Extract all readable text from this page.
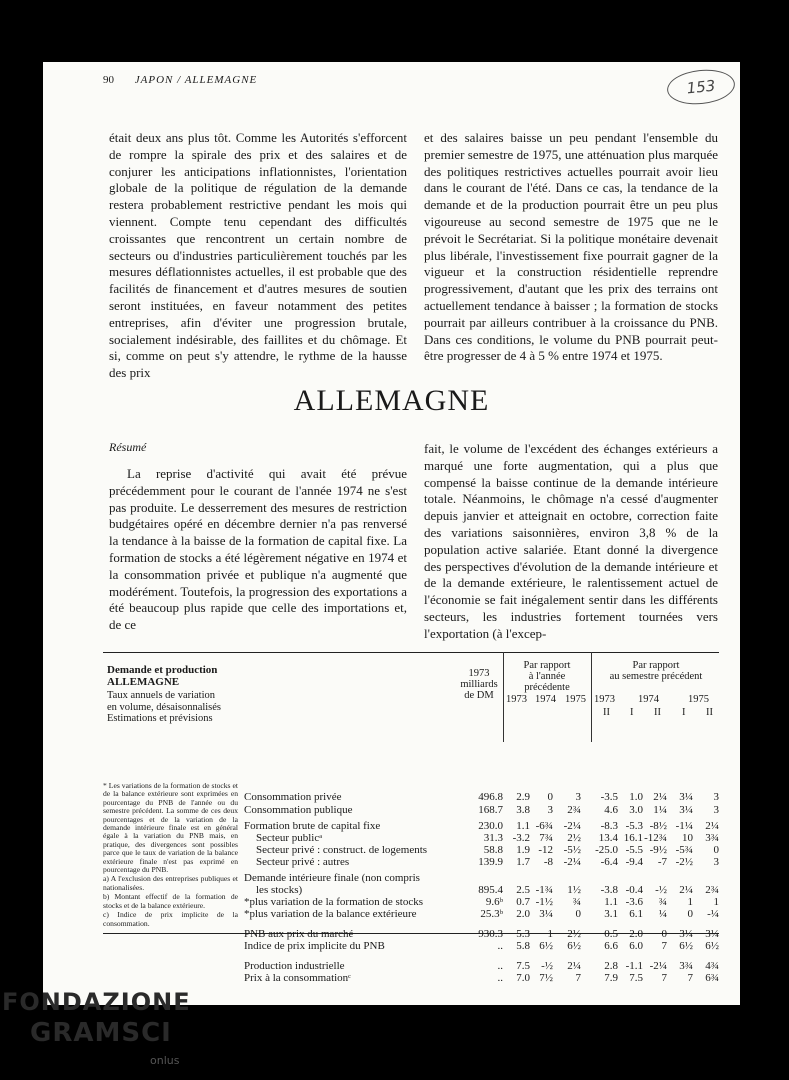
90 JAPON / ALLEMAGNE	153
était deux ans plus tôt. Comme les Autorités s'efforcent de rompre la spirale des prix et des salaires et de conjurer les anticipations inflationnistes, l'orientation globale de la politique de régulation de la demande restera probablement restrictive pendant les mois qui viennent. Compte tenu cependant des difficultés croissantes que rencontrent un certain nombre de secteurs ou d'industries particulièrement touchés par les mesures déflationnistes actuelles, il est probable que des facilités de financement et d'autres mesures de soutien seront instituées, en faveur notamment des petites entreprises, afin d'éviter une progression brutale, socialement indésirable, des faillites et du chômage. Et si, comme on peut s'y attendre, le rythme de la hausse des prix
et des salaires baisse un peu pendant l'ensemble du premier semestre de 1975, une atténuation plus marquée des politiques restrictives actuelles pourrait avoir lieu dans le courant de l'été. Dans ce cas, la tendance de la demande et de la production pourrait être un peu plus vigoureuse au second semestre de 1975 que ne le prévoit le Secrétariat. Si la politique monétaire devenait plus libérale, l'investissement fixe pourrait gagner de la vigueur et la construction résidentielle reprendre progressivement, d'autant que les prix des terrains ont actuellement tendance à baisser ; la formation de stocks pourrait par ailleurs contribuer à la croissance du PNB. Dans ces conditions, le volume du PNB pourrait peut-être progresser de 4 à 5 % entre 1974 et 1975.
ALLEMAGNE
Résumé
La reprise d'activité qui avait été prévue précédemment pour le courant de l'année 1974 ne s'est pas produite. Le desserrement des mesures de restriction budgétaires opéré en décembre dernier n'a pas renversé la tendance à la baisse de la formation de capital fixe. La formation de stocks a été légèrement négative en 1974 et la consommation privée et publique n'a augmenté que modérément. Toutefois, la progression des exportations a été beaucoup plus rapide que celle des importations et, de ce
fait, le volume de l'excédent des échanges extérieurs a marqué une forte augmentation, qui a plus que compensé la baisse continue de la demande intérieure totale. Néanmoins, le chômage n'a cessé d'augmenter depuis janvier et atteignait en octobre, correction faite des variations saisonnières, environ 3,8 % de la population active salariée. Etant donné la divergence des perspectives d'évolution de la demande intérieure et de la demande extérieure, le ralentissement actuel de l'économie se fait inégalement sentir dans les différents secteurs, les industries fortement tournées vers l'exportation (à l'excep-
Demande et production
ALLEMAGNE
Taux annuels de variation
en volume, désaisonnalisés
Estimations et prévisions
1973
milliards
de DM
Par rapport
à l'année
précédente
Par rapport
au semestre précédent
1973 1974 1975 1973 1974	1975
II I II I II

* Les variations de la formation de stocks et de la balance extérieure sont exprimées en pourcentage du PNB de l'année ou du semestre précédent. La somme de ces deux pourcentages et de la variation de la demande intérieure finale est en général égale à la variation du PNB mais, en pratique, des divergences sont possibles parce que le taux de variation de la balance extérieure finale n'est pas exprimé en pourcentage du PNB.

a) A l'exclusion des entreprises publiques et nationalisées.

b) Montant effectif de la formation de stocks et de la balance extérieure.

c) Indice de prix implicite de la consommation.

Consommation privée	496.8 2.9 0 3 -3.5 1.0 2¼ 3¼ 3
Consommation publique	168.7 3.8 3 2¾ 4.6 3.0 1¼ 3¼ 3
Formation brute de capital fixe	230.0 1.1 -6¾ -2¼ -8.3 -5.3 -8½ -1¼ 2¼
Secteur publicᵃ	31.3 -3.2 7¾ 2½ 13.4 16.1 -12¾ 10 3¾
Secteur privé : construct. de logements	58.8 1.9 -12 -5½ -25.0 -5.5 -9½ -5¾ 0
Secteur privé : autres	139.9 1.7 -8 -2¼ -6.4 -9.4 -7 -2½ 3
Demande intérieure finale (non compris
les stocks)	895.4 2.5 -1¾ 1½ -3.8 -0.4 -½ 2¼ 2¾
*plus variation de la formation de stocks	9.6ᵇ 0.7 -1½ ¾ 1.1 -3.6 ¾ 1 1
*plus variation de la balance extérieure	25.3ᵇ 2.0 3¼ 0 3.1 6.1 ¼ 0 -¼
PNB aux prix du marché	930.3 5.3 1 2½ 0.5 2.0 0 3¼ 3¼
Indice de prix implicite du PNB	.. 5.8 6½ 6½ 6.6 6.0 7 6½ 6½
Production industrielle	.. 7.5 -½ 2¼ 2.8 -1.1 -2¼ 3¾ 4¾
Prix à la consommationᶜ	.. 7.0 7½ 7 7.9 7.5 7 7 6¾
FONDAZIONE
GRAMSCI
onlus
